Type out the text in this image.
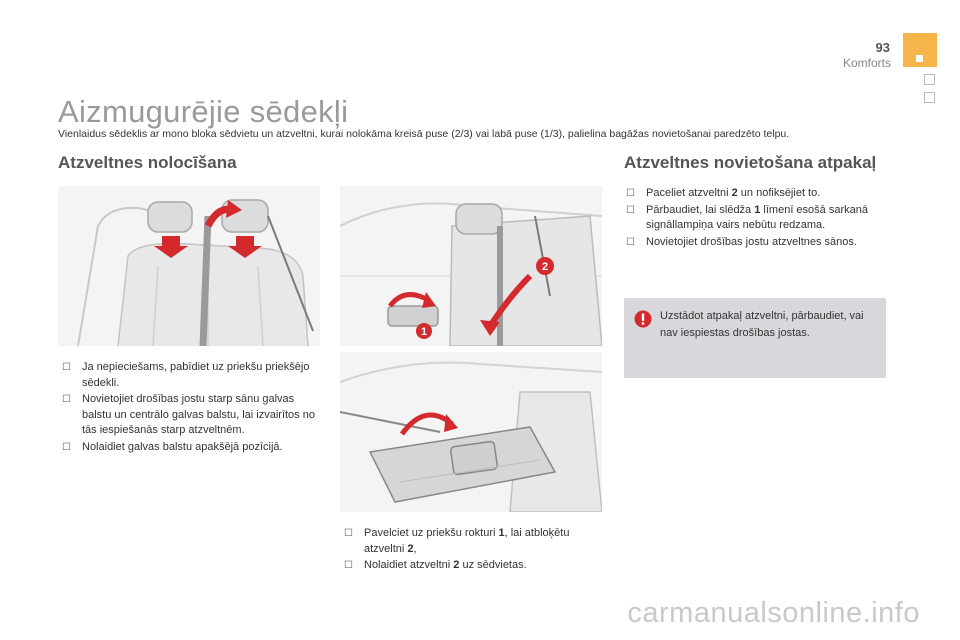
93
Komforts
Aizmugurējie sēdekļi
Vienlaidus sēdeklis ar mono bloka sēdvietu un atzveltni, kurai nolokāma kreisā puse (2/3) vai labā puse (1/3), palielina bagāžas novietošanai paredzēto telpu.
Atzveltnes nolocīšana
☐ Ja nepieciešams, pabīdiet uz priekšu priekšējo sēdekli.
☐ Novietojiet drošības jostu starp sānu galvas balstu un centrālo galvas balstu, lai izvairītos no tās iespiešanās starp atzveltnēm.
☐ Nolaidiet galvas balstu apakšējā pozīcijā.
1
2
☐ Pavelciet uz priekšu rokturi 1, lai atbloķētu atzveltni 2,
☐ Nolaidiet atzveltni 2 uz sēdvietas.
Atzveltnes novietošana atpakaļ
☐ Paceliet atzveltni 2 un nofiksējiet to.
☐ Pārbaudiet, lai slēdža 1 līmenī esošā sarkanā signāllampiņa vairs nebūtu redzama.
☐ Novietojiet drošības jostu atzveltnes sānos.
Uzstādot atpakaļ atzveltni, pārbaudiet, vai nav iespiestas drošības jostas.
carmanualsonline.info
